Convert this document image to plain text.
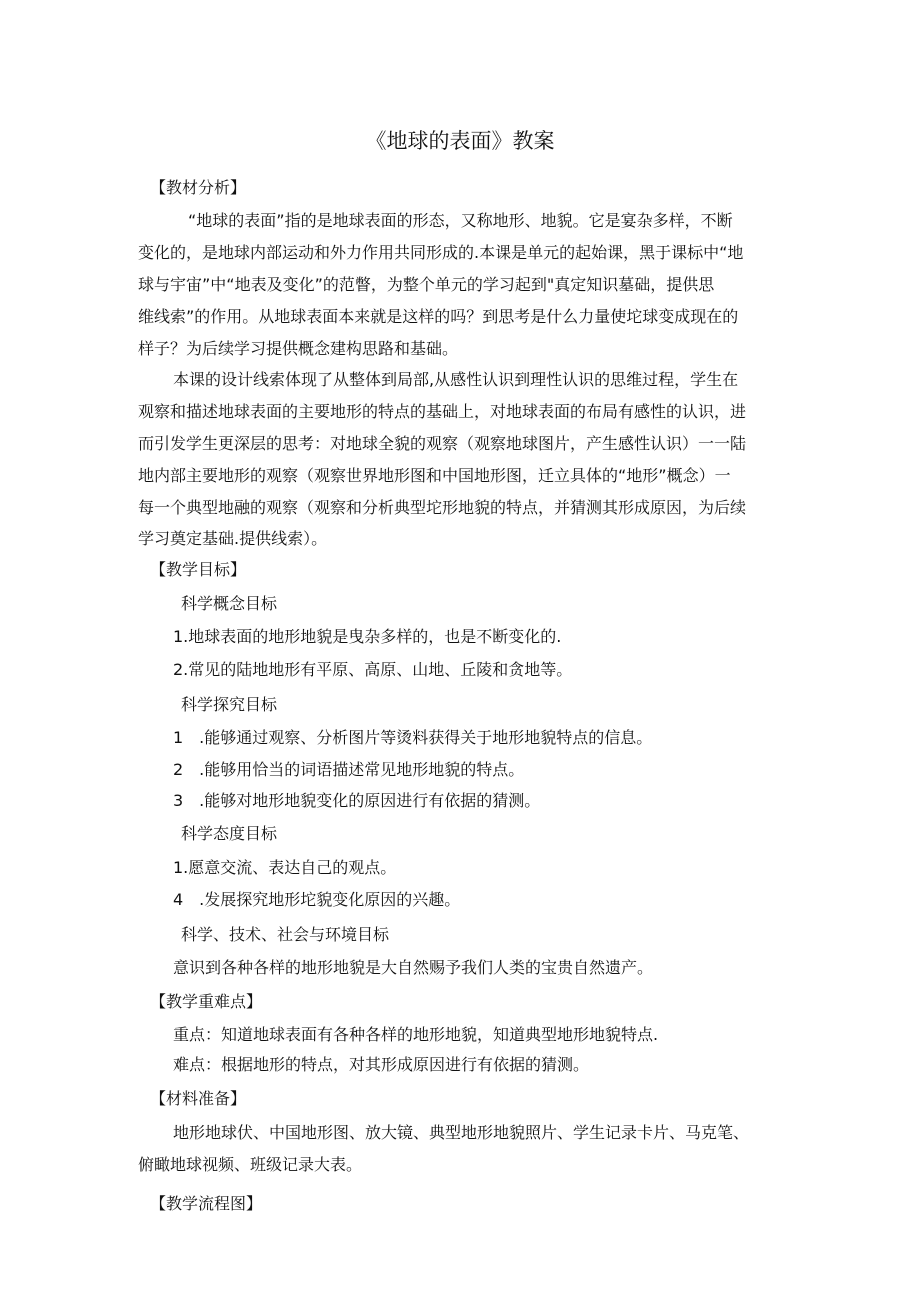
《地球的表面》教案
【教材分析】
“地球的表面”指的是地球表面的形态，又称地形、地貌。它是宴杂多样，不断
变化的，是地球内部运动和外力作用共同形成的.本课是单元的起始课，黑于课标中“地
球与宇宙”中“地表及变化”的范瞥，为整个单元的学习起到"真定知识墓础，提供思
维线索”的作用。从地球表面本来就是这样的吗？到思考是什么力量使坨球变成现在的
样子？为后续学习提供概念建构思路和基础。
本课的设计线索体现了从整体到局部,从感性认识到理性认识的思维过程，学生在
观察和描述地球表面的主要地形的特点的基础上，对地球表面的布局有感性的认识，进
而引发学生更深层的思考：对地球全貌的观察（观察地球图片，产生感性认识）一一陆
地内部主要地形的观察（观察世界地形图和中国地形图，迁立具体的“地形”概念）一
每一个典型地融的观察（观察和分析典型坨形地貌的特点，并猜测其形成原因，为后续
学习奠定基础.提供线索）。
【教学目标】
科学概念目标
1.地球表面的地形地貌是曳杂多样的，也是不断变化的.
2.常见的陆地地形有平原、高原、山地、丘陵和贪地等。
科学探究目标
1　.能够通过观察、分析图片等烫料获得关于地形地貌特点的信息。
2　.能够用恰当的词语描述常见地形地貌的特点。
3　.能够对地形地貌变化的原因进行有依据的猜测。
科学态度目标
1.愿意交流、表达自己的观点。
4　.发展探究地形坨貌变化原因的兴趣。
科学、技术、社会与环境目标
意识到各种各样的地形地貌是大自然赐予我们人类的宝贵自然遗产。
【教学重难点】
重点：知道地球表面有各种各样的地形地貌，知道典型地形地貌特点.
难点：根据地形的特点，对其形成原因进行有依据的猜测。
【材料准备】
地形地球伏、中国地形图、放大镜、典型地形地貌照片、学生记录卡片、马克笔、
俯瞰地球视频、班级记录大表。
【教学流程图】
